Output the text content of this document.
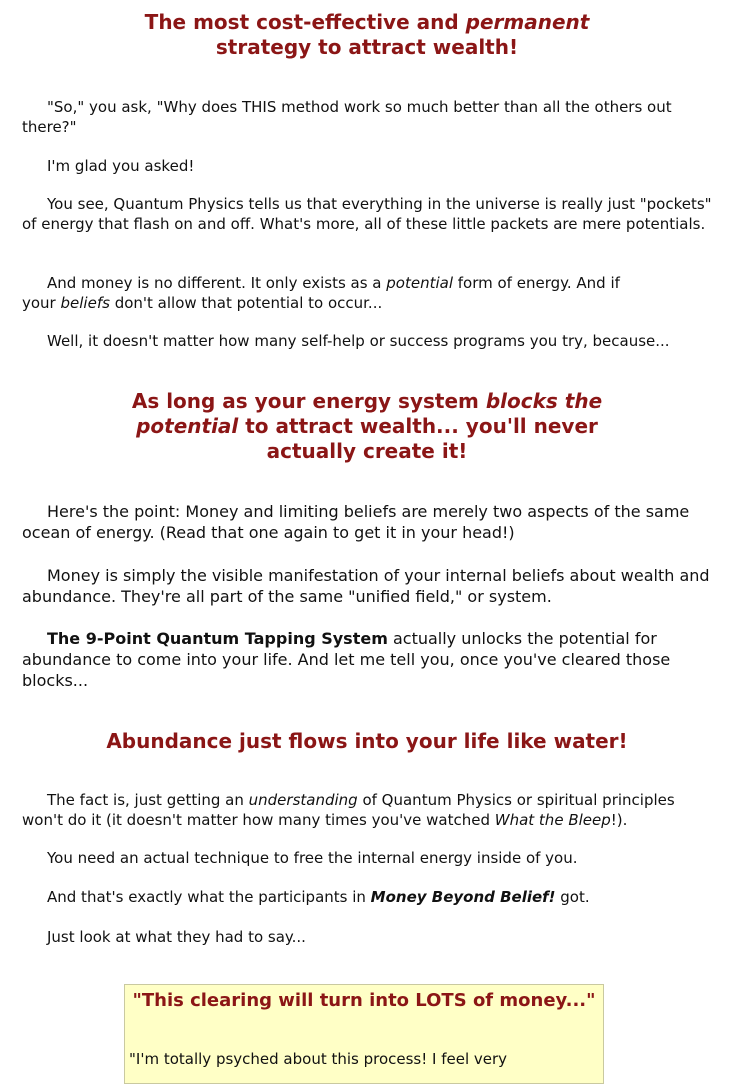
The most cost-effective and permanent
strategy to attract wealth!
"So," you ask, "Why does THIS method work so much better than all the others out there?"
I'm glad you asked!
You see, Quantum Physics tells us that everything in the universe is really just "pockets" of energy that flash on and off. What's more, all of these little packets are mere potentials.
And money is no different. It only exists as a potential form of energy. And if your beliefs don't allow that potential to occur...
Well, it doesn't matter how many self-help or success programs you try, because...
As long as your energy system blocks the
potential to attract wealth... you'll never
actually create it!
Here's the point: Money and limiting beliefs are merely two aspects of the same ocean of energy. (Read that one again to get it in your head!)
Money is simply the visible manifestation of your internal beliefs about wealth and abundance. They're all part of the same "unified field," or system.
The 9-Point Quantum Tapping System actually unlocks the potential for abundance to come into your life. And let me tell you, once you've cleared those blocks...
Abundance just flows into your life like water!
The fact is, just getting an understanding of Quantum Physics or spiritual principles won't do it (it doesn't matter how many times you've watched What the Bleep!).
You need an actual technique to free the internal energy inside of you.
And that's exactly what the participants in Money Beyond Belief! got.
Just look at what they had to say...
"This clearing will turn into LOTS of money..."
"I'm totally psyched about this process! I feel very
